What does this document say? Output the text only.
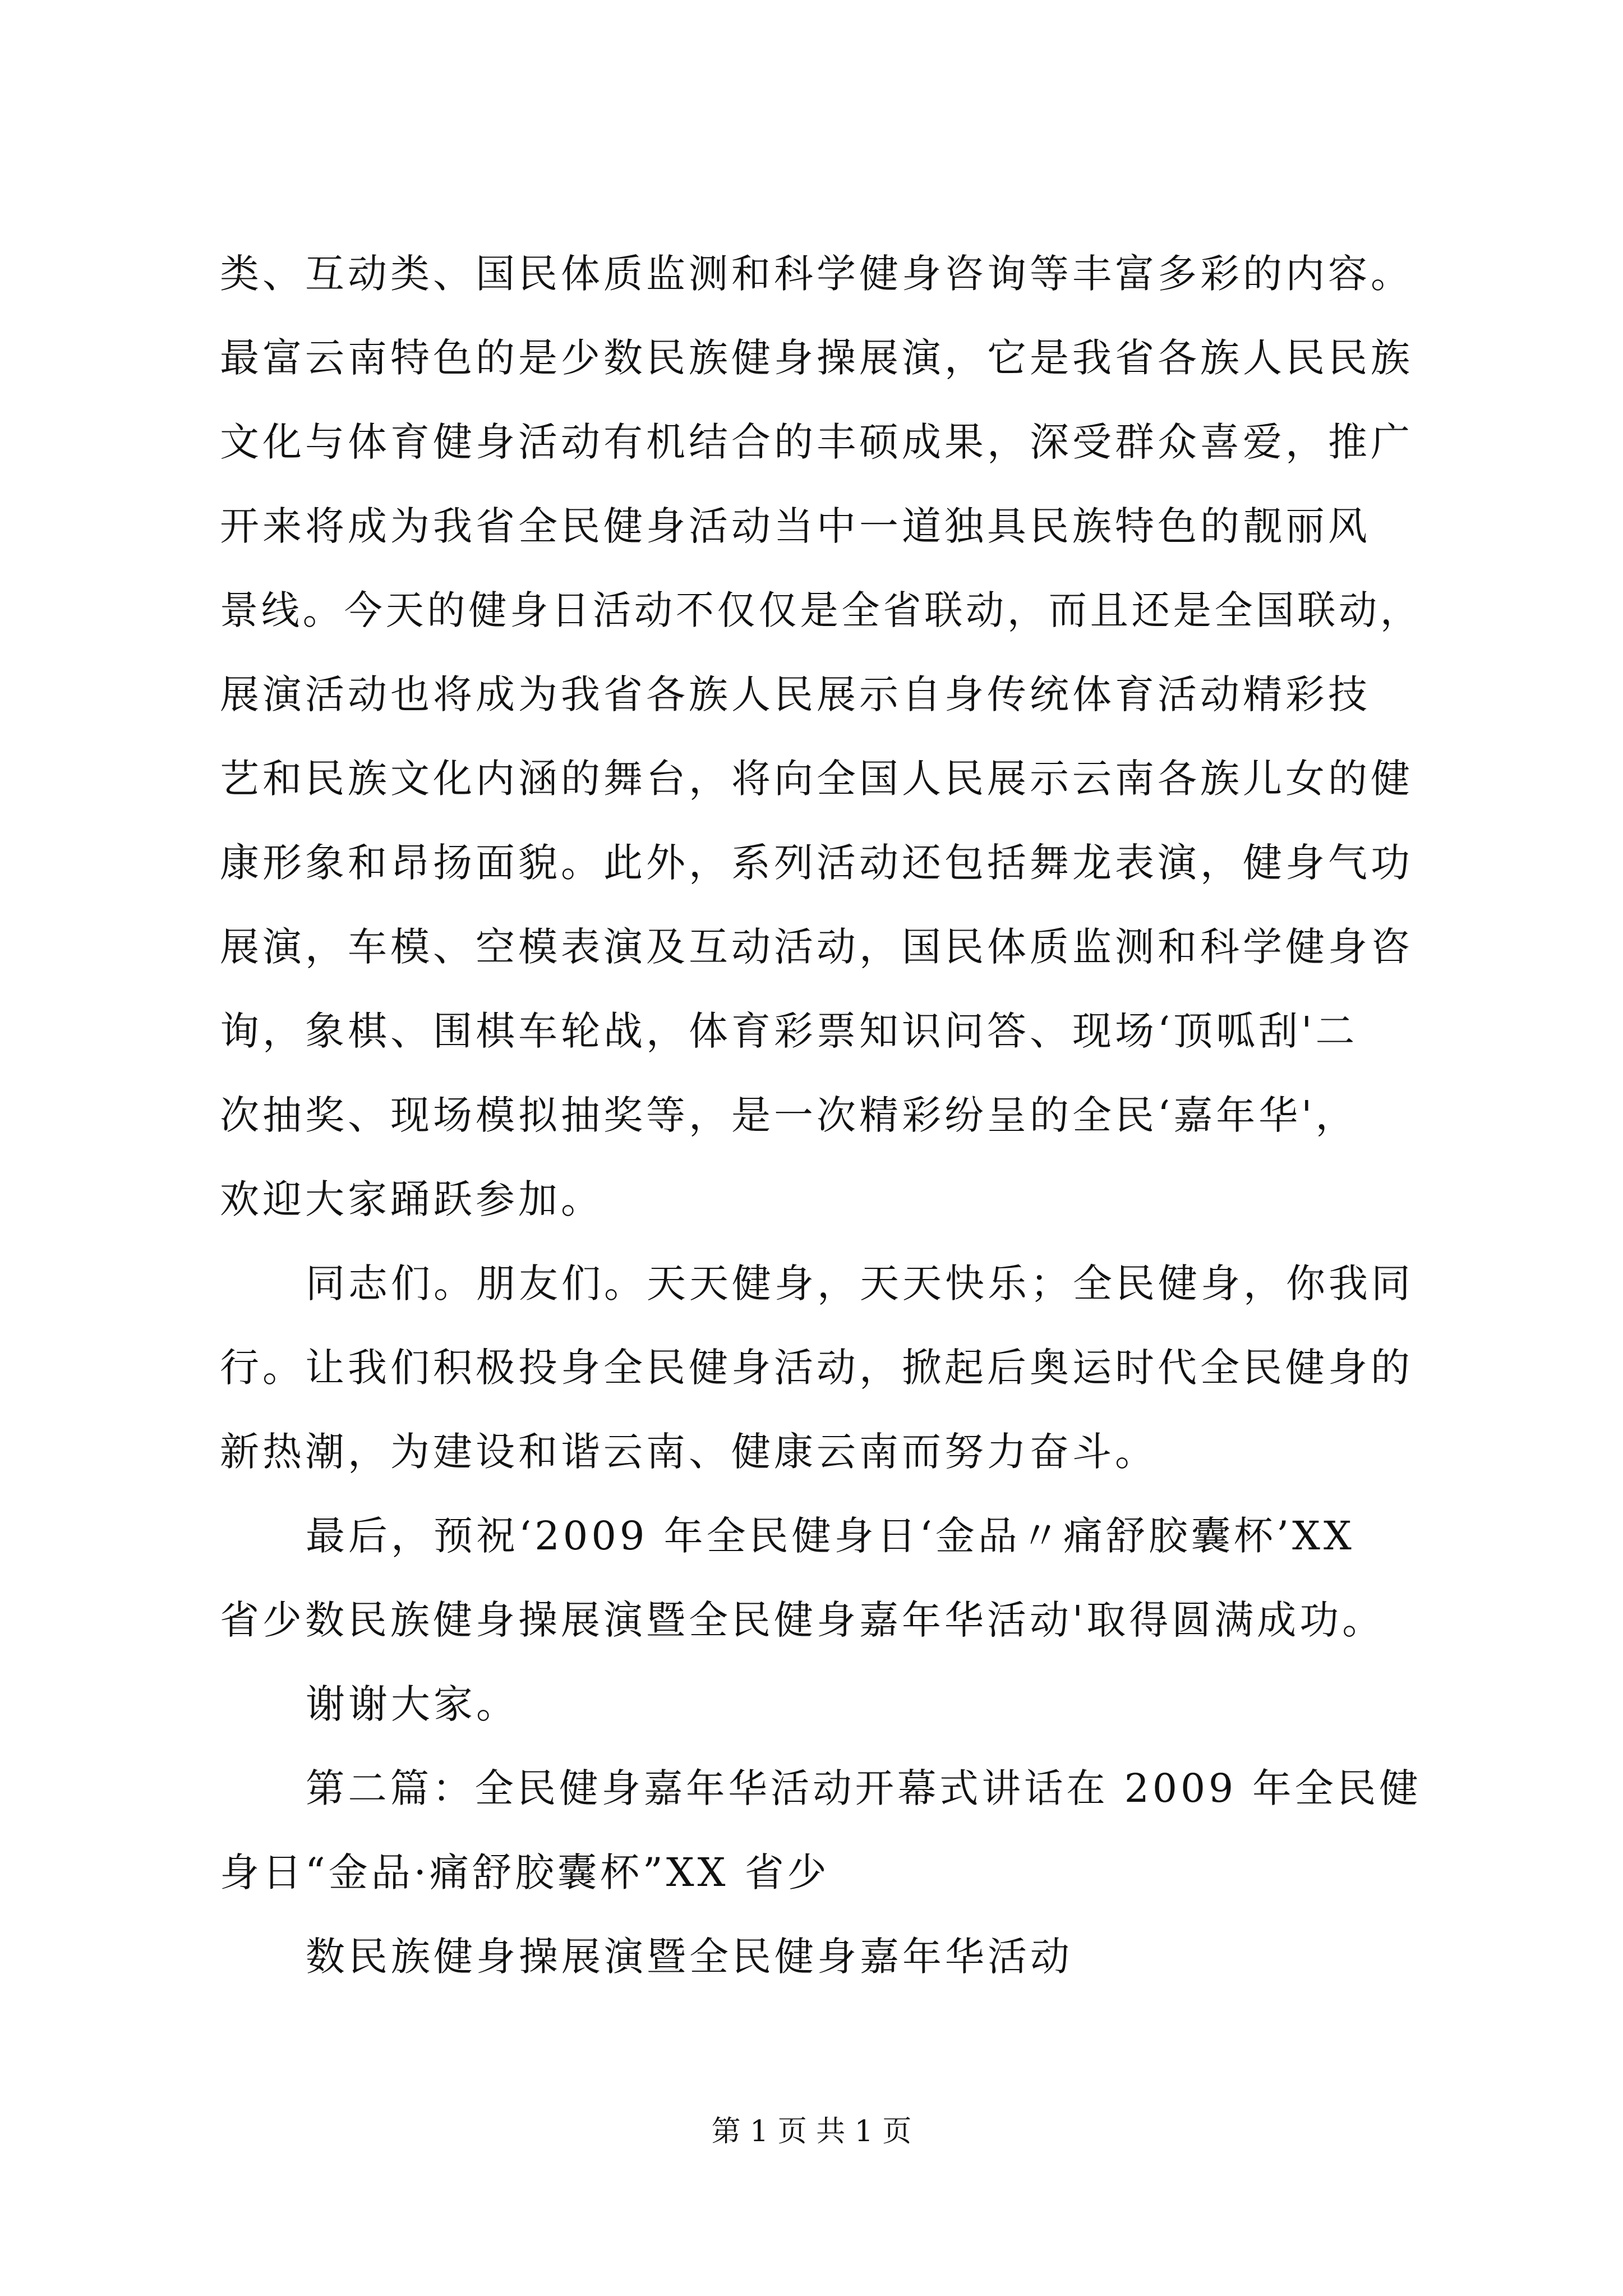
类、互动类、国民体质监测和科学健身咨询等丰富多彩的内容。
最富云南特色的是少数民族健身操展演，它是我省各族人民民族
文化与体育健身活动有机结合的丰硕成果，深受群众喜爱，推广
开来将成为我省全民健身活动当中一道独具民族特色的靓丽风
景线。今天的健身日活动不仅仅是全省联动，而且还是全国联动，
展演活动也将成为我省各族人民展示自身传统体育活动精彩技
艺和民族文化内涵的舞台，将向全国人民展示云南各族儿女的健
康形象和昂扬面貌。此外，系列活动还包括舞龙表演，健身气功
展演，车模、空模表演及互动活动，国民体质监测和科学健身咨
询，象棋、围棋车轮战，体育彩票知识问答、现场‘顶呱刮'二
次抽奖、现场模拟抽奖等，是一次精彩纷呈的全民‘嘉年华'，
欢迎大家踊跃参加。
同志们。朋友们。天天健身，天天快乐；全民健身，你我同
行。让我们积极投身全民健身活动，掀起后奥运时代全民健身的
新热潮，为建设和谐云南、健康云南而努力奋斗。
最后，预祝‘2009 年全民健身日‘金品〃痛舒胶囊杯’XX
省少数民族健身操展演暨全民健身嘉年华活动'取得圆满成功。
谢谢大家。
第二篇：全民健身嘉年华活动开幕式讲话在 2009 年全民健
身日“金品·痛舒胶囊杯”XX 省少
数民族健身操展演暨全民健身嘉年华活动
第 1 页 共 1 页
